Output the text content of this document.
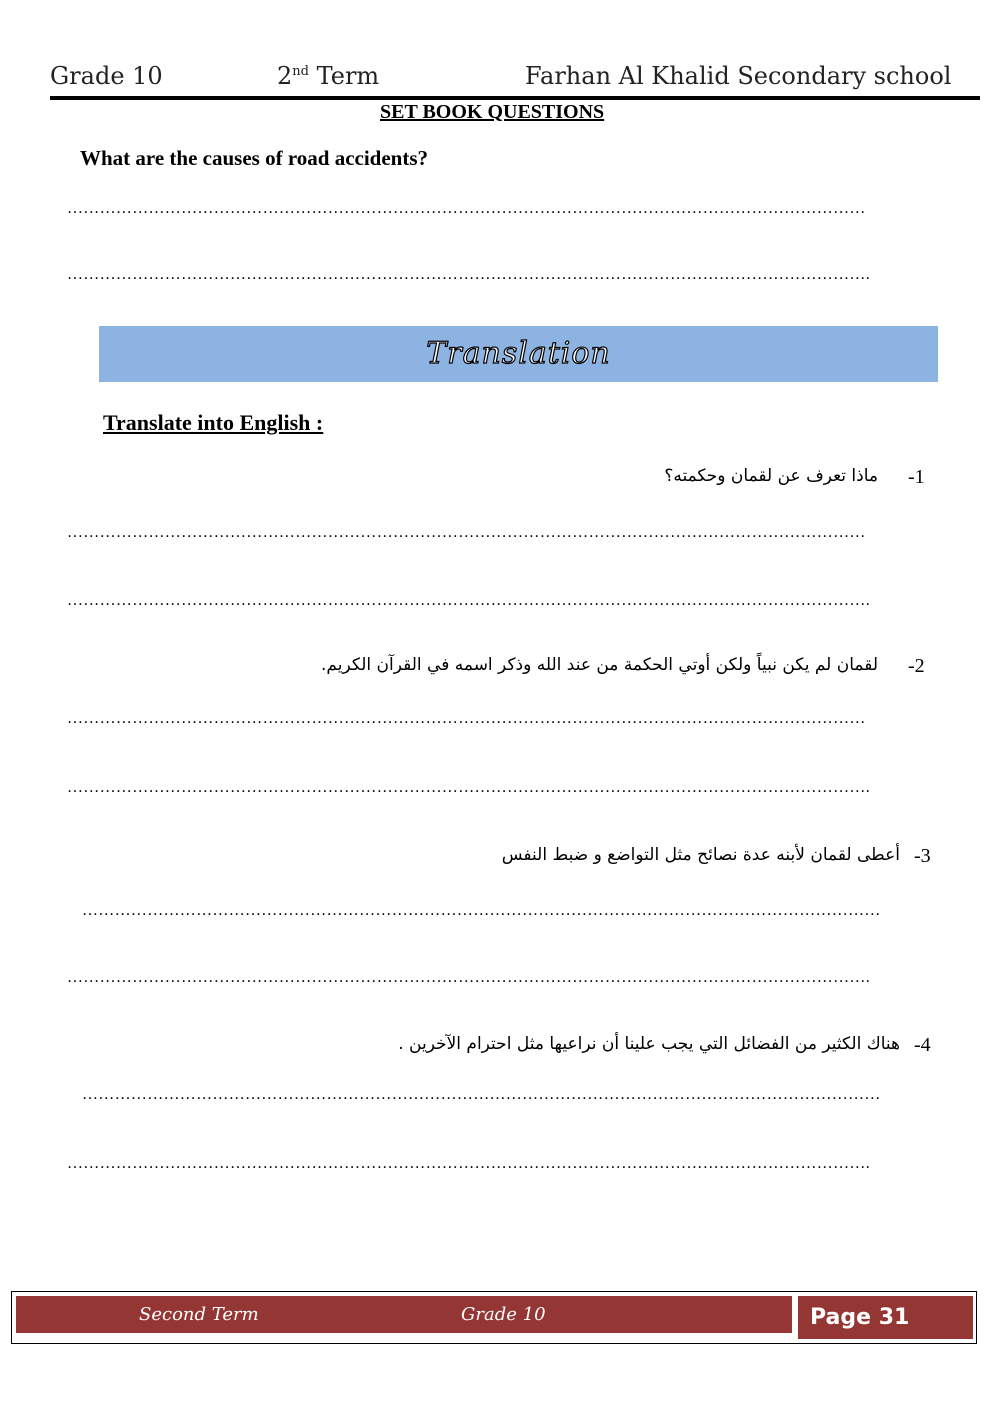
Grade 10	2nd Term	Farhan Al Khalid Secondary school
SET BOOK QUESTIONS
What are the causes of road accidents?
…………………………………………………………………………………………………………………………………
………………………………………………………………………………………………………………………………….
Translation
Translate into English :
-1
ماذا تعرف عن لقمان وحكمته؟
…………………………………………………………………………………………………………………………………
………………………………………………………………………………………………………………………………….
-2
لقمان لم يكن نبياً ولكن أوتي الحكمة من عند الله وذكر اسمه في القرآن الكريم.
…………………………………………………………………………………………………………………………………
………………………………………………………………………………………………………………………………….
-3
أعطى لقمان لأبنه عدة نصائح مثل التواضع و ضبط النفس
…………………………………………………………………………………………………………………………………
………………………………………………………………………………………………………………………………….
-4
هناك الكثير من الفضائل التي يجب علينا أن نراعيها مثل احترام الآخرين .
…………………………………………………………………………………………………………………………………
………………………………………………………………………………………………………………………………….
Second Term	Grade 10	Page 31
